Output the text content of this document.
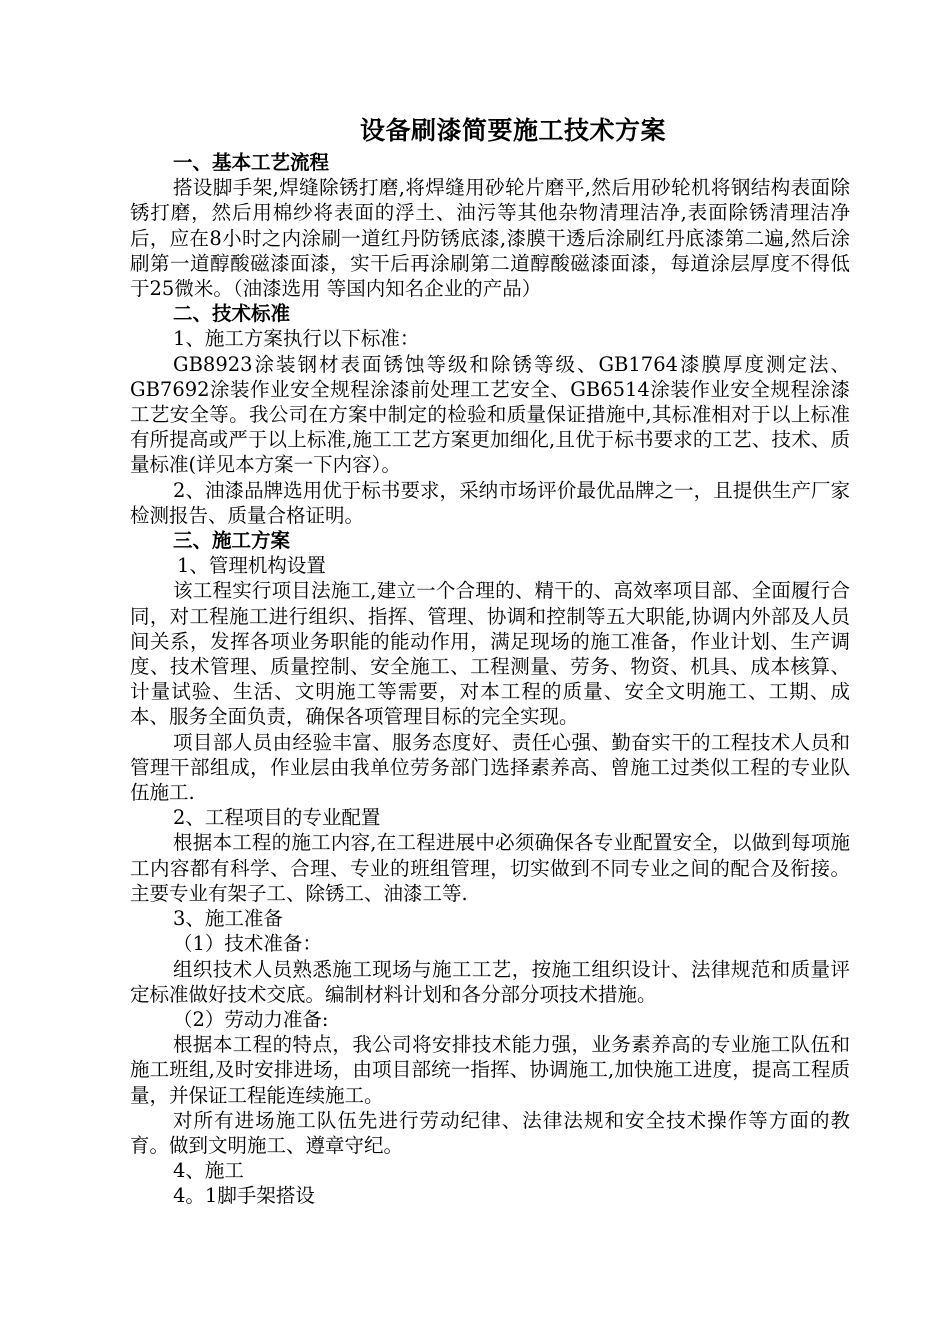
设备刷漆简要施工技术方案
一、基本工艺流程
搭设脚手架,焊缝除锈打磨,将焊缝用砂轮片磨平,然后用砂轮机将钢结构表面除锈打磨，然后用棉纱将表面的浮土、油污等其他杂物清理洁净,表面除锈清理洁净后，应在8小时之内涂刷一道红丹防锈底漆,漆膜干透后涂刷红丹底漆第二遍,然后涂刷第一道醇酸磁漆面漆，实干后再涂刷第二道醇酸磁漆面漆，每道涂层厚度不得低于25微米。（油漆选用 等国内知名企业的产品）
二、技术标准
1、施工方案执行以下标准：
GB8923涂装钢材表面锈蚀等级和除锈等级、GB1764漆膜厚度测定法、GB7692涂装作业安全规程涂漆前处理工艺安全、GB6514涂装作业安全规程涂漆工艺安全等。我公司在方案中制定的检验和质量保证措施中,其标准相对于以上标准有所提高或严于以上标准,施工工艺方案更加细化,且优于标书要求的工艺、技术、质量标准(详见本方案一下内容）。
2、油漆品牌选用优于标书要求，采纳市场评价最优品牌之一，且提供生产厂家检测报告、质量合格证明。
三、施工方案
1、管理机构设置
该工程实行项目法施工,建立一个合理的、精干的、高效率项目部、全面履行合同，对工程施工进行组织、指挥、管理、协调和控制等五大职能,协调内外部及人员间关系，发挥各项业务职能的能动作用，满足现场的施工准备，作业计划、生产调度、技术管理、质量控制、安全施工、工程测量、劳务、物资、机具、成本核算、计量试验、生活、文明施工等需要，对本工程的质量、安全文明施工、工期、成本、服务全面负责，确保各项管理目标的完全实现。
项目部人员由经验丰富、服务态度好、责任心强、勤奋实干的工程技术人员和管理干部组成，作业层由我单位劳务部门选择素养高、曾施工过类似工程的专业队伍施工.
2、工程项目的专业配置
根据本工程的施工内容,在工程进展中必须确保各专业配置安全，以做到每项施工内容都有科学、合理、专业的班组管理，切实做到不同专业之间的配合及衔接。主要专业有架子工、除锈工、油漆工等.
3、施工准备
（1）技术准备：
组织技术人员熟悉施工现场与施工工艺，按施工组织设计、法律规范和质量评定标准做好技术交底。编制材料计划和各分部分项技术措施。
（2）劳动力准备:
根据本工程的特点，我公司将安排技术能力强，业务素养高的专业施工队伍和施工班组,及时安排进场，由项目部统一指挥、协调施工,加快施工进度，提高工程质量，并保证工程能连续施工。
对所有进场施工队伍先进行劳动纪律、法律法规和安全技术操作等方面的教育。做到文明施工、遵章守纪。
4、施工
4。1脚手架搭设
